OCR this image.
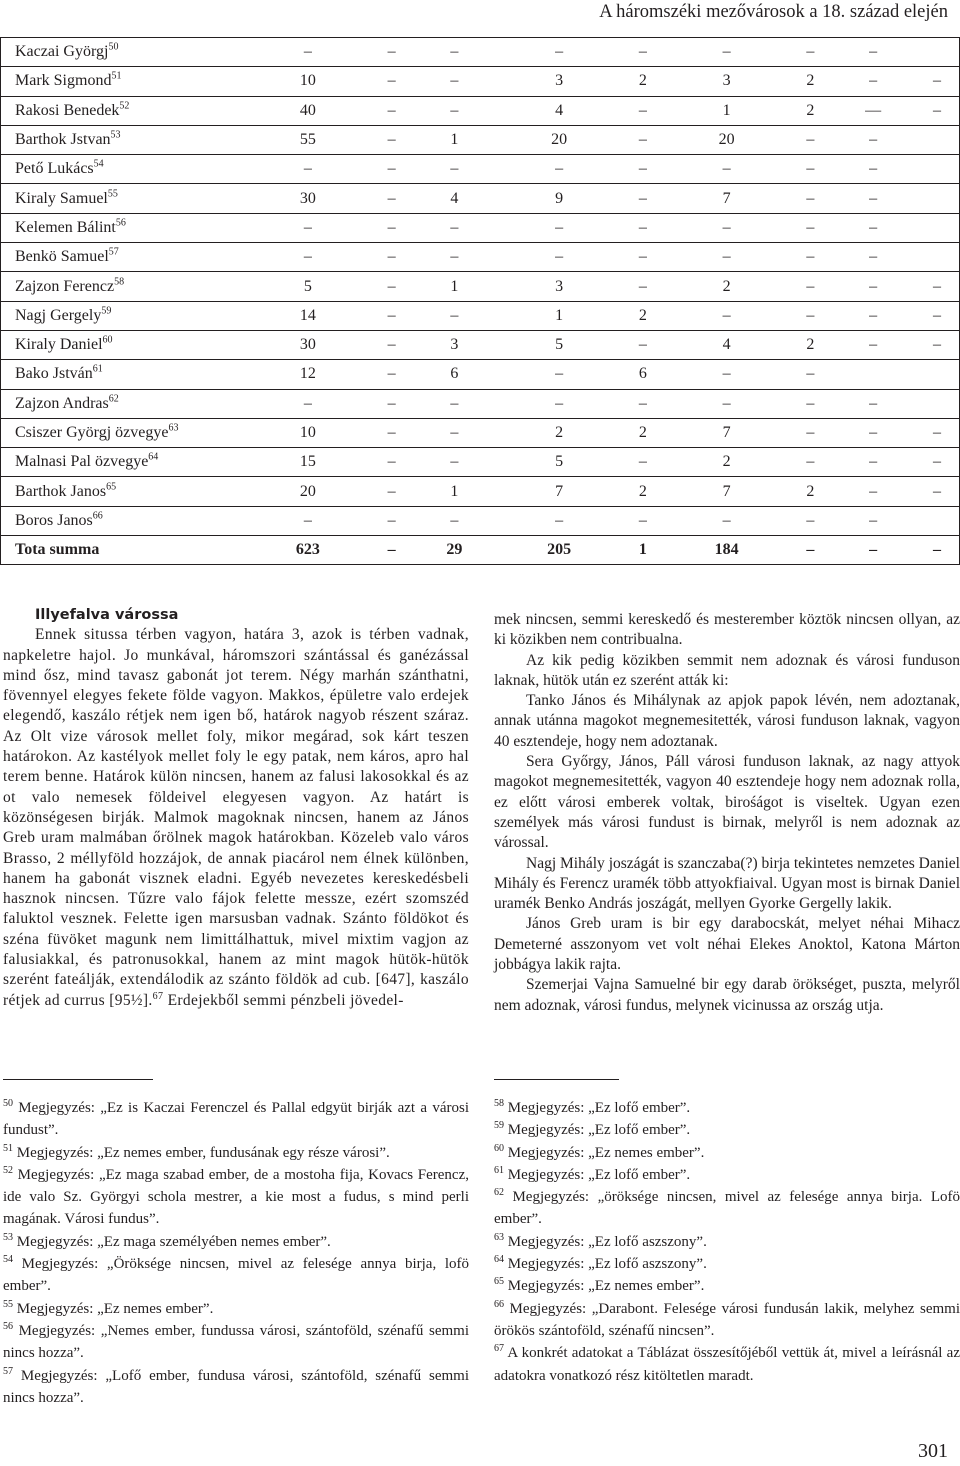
A háromszéki mezővárosok a 18. század elején
Kaczai Györgj$^{50}$	–	–	–	–	–	–	–	–	
Mark Sigmond$^{51}$	10	–	–	3	2	3	2	–	–
Rakosi Benedek$^{52}$	40	–	–	4	–	1	2	—	–
Barthok Jstvan$^{53}$	55	–	1	20	–	20	–	–	
Pető Lukács$^{54}$	–	–	–	–	–	–	–	–	
Kiraly Samuel$^{55}$	30	–	4	9	–	7	–	–	
Kelemen Bálint$^{56}$	–	–	–	–	–	–	–	–	
Benkö Samuel$^{57}$	–	–	–	–	–	–	–	–	
Zajzon Ferencz$^{58}$	5	–	1	3	–	2	–	–	–
Nagj Gergely$^{59}$	14	–	–	1	2	–	–	–	–
Kiraly Daniel$^{60}$	30	–	3	5	–	4	2	–	–
Bako Jstván$^{61}$	12	–	6	–	6	–	–		
Zajzon Andras$^{62}$	–	–	–	–	–	–	–	–	
Csiszer Györgj özvegye$^{63}$	10	–	–	2	2	7	–	–	–
Malnasi Pal özvegye$^{64}$	15	–	–	5	–	2	–	–	–
Barthok Janos$^{65}$	20	–	1	7	2	7	2	–	–
Boros Janos$^{66}$	–	–	–	–	–	–	–	–	
Tota summa	623	–	29	205	1	184	–	–	–
Illyefalva várossa

Ennek situssa térben vagyon, határa 3, azok is térben vadnak, napkeletre hajol. Jo munkával, háromszori szántással és ganézással mind ősz, mind tavasz gabonát jot terem. Négy marhán szánthatni, fövennyel elegyes fekete földe vagyon. Makkos, épületre valo erdejek elegendő, kaszálo rétjek nem igen bő, határok nagyob részent száraz. Az Olt vize városok mellet foly, mikor megárad, sok kárt teszen határokon. Az kastélyok mellet foly le egy patak, nem káros, apro hal terem benne. Határok külön nincsen, hanem az falusi lakosokkal és az ot valo nemesek földeivel elegyesen vagyon. Az határt is közönségesen birják. Malmok magoknak nincsen, hanem az János Greb uram malmában őrölnek magok határokban. Közeleb valo város Brasso, 2 méllyföld hozzájok, de annak piacárol nem élnek különben, hanem ha gabonát visznek eladni. Egyéb nevezetes kereskedésbeli hasznok nincsen. Tűzre valo fájok felette messze, ezért szomszéd faluktol vesznek. Felette igen marsusban vadnak. Szánto földökot és széna füvöket magunk nem limittálhattuk, mivel mixtim vagjon az falusiakkal, és patronusokkal, hanem az mint magok hütök-hütök szerént fateálják, extendálodik az szánto földök ad cub. [647], kaszálo rétjek ad currus [95½].$^{67}$ Erdejekből semmi pénzbeli jövedel-

mek nincsen, semmi kereskedő és mesterember köztök nincsen ollyan, az ki közikben nem contribualna.

Az kik pedig közikben semmit nem adoznak és városi funduson laknak, hütök után ez szerént atták ki:

Tanko János és Mihálynak az apjok papok lévén, nem adoztanak, annak utánna magokot megnemesitették, városi funduson laknak, vagyon 40 esztendeje, hogy nem adoztanak.

Sera Győrgy, János, Páll városi funduson laknak, az nagy attyok magokot megnemesitették, vagyon 40 esztendeje hogy nem adoznak rolla, ez előtt városi emberek voltak, birośágot is viseltek. Ugyan ezen személyek más városi fundust is birnak, melyről is nem adoznak az várossal.

Nagj Mihály joszágát is szanczaba(?) birja tekintetes nemzetes Daniel Mihály és Ferencz uramék több attyokfiaival. Ugyan most is birnak Daniel uramék Benko András joszágát, mellyen Gyorke Gergelly lakik.

János Greb uram is bir egy darabocskát, melyet néhai Mihacz Demeterné asszonyom vet volt néhai Elekes Anoktol, Katona Márton jobbágya lakik rajta.

Szemerjai Vajna Samuelné bir egy darab örökséget, pusztа, melyről nem adoznak, városi fundus, melynek vicinussa az ország utja.

$^{50}$ Megjegyzés: „Ez is Kaczai Ferenczel és Pallal edgyüt birják azt a városi fundust”.

$^{51}$ Megjegyzés: „Ez nemes ember, fundusának egy része városi”.

$^{52}$ Megjegyzés: „Ez maga szabad ember, de a mostoha fija, Kovacs Ferencz, ide valo Sz. Györgyi schola mestrer, a kie most a fudus, s mind perli magának. Városi fundus”.

$^{53}$ Megjegyzés: „Ez maga személyében nemes ember”.

$^{54}$ Megjegyzés: „Öröksége nincsen, mivel az felesége annya birja, lofö ember”.

$^{55}$ Megjegyzés: „Ez nemes ember”.

$^{56}$ Megjegyzés: „Nemes ember, fundussa városi, szántoföld, szénafű semmi nincs hozza”.

$^{57}$ Megjegyzés: „Lofő ember, fundusa városi, szántoföld, szénafű semmi nincs hozza”.

$^{58}$ Megjegyzés: „Ez lofő ember”.

$^{59}$ Megjegyzés: „Ez lofő ember”.

$^{60}$ Megjegyzés: „Ez nemes ember”.

$^{61}$ Megjegyzés: „Ez lofő ember”.

$^{62}$ Megjegyzés: „öröksége nincsen, mivel az felesége annya birja. Lofö ember”.

$^{63}$ Megjegyzés: „Ez lofő aszszony”.

$^{64}$ Megjegyzés: „Ez lofő aszszony”.

$^{65}$ Megjegyzés: „Ez nemes ember”.

$^{66}$ Megjegyzés: „Darabont. Felesége városi fundusán lakik, melyhez semmi örökös szántoföld, szénafű nincsen”.

$^{67}$ A konkrét adatokat a Táblázat összesítőjéből vettük át, mivel a leírásnál az adatokra vonatkozó rész kitöltetlen maradt.

301
